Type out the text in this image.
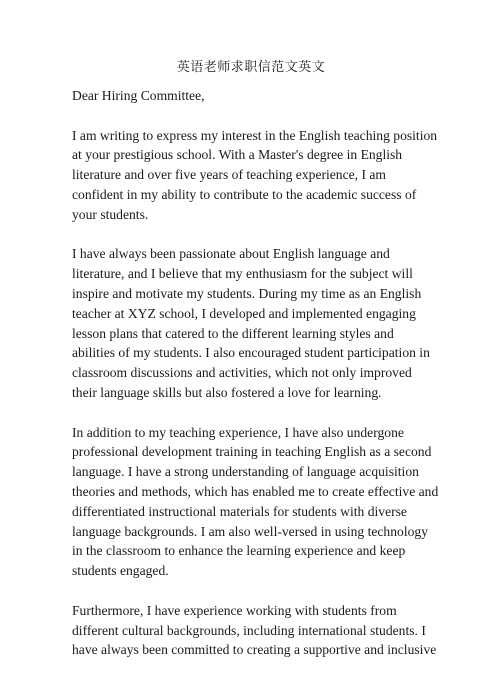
英语老师求职信范文英文

Dear Hiring Committee,

I am writing to express my interest in the English teaching position
at your prestigious school. With a Master's degree in English
literature and over five years of teaching experience, I am
confident in my ability to contribute to the academic success of
your students.

I have always been passionate about English language and
literature, and I believe that my enthusiasm for the subject will
inspire and motivate my students. During my time as an English
teacher at XYZ school, I developed and implemented engaging
lesson plans that catered to the different learning styles and
abilities of my students. I also encouraged student participation in
classroom discussions and activities, which not only improved
their language skills but also fostered a love for learning.

In addition to my teaching experience, I have also undergone
professional development training in teaching English as a second
language. I have a strong understanding of language acquisition
theories and methods, which has enabled me to create effective and
differentiated instructional materials for students with diverse
language backgrounds. I am also well-versed in using technology
in the classroom to enhance the learning experience and keep
students engaged.

Furthermore, I have experience working with students from
different cultural backgrounds, including international students. I
have always been committed to creating a supportive and inclusive
